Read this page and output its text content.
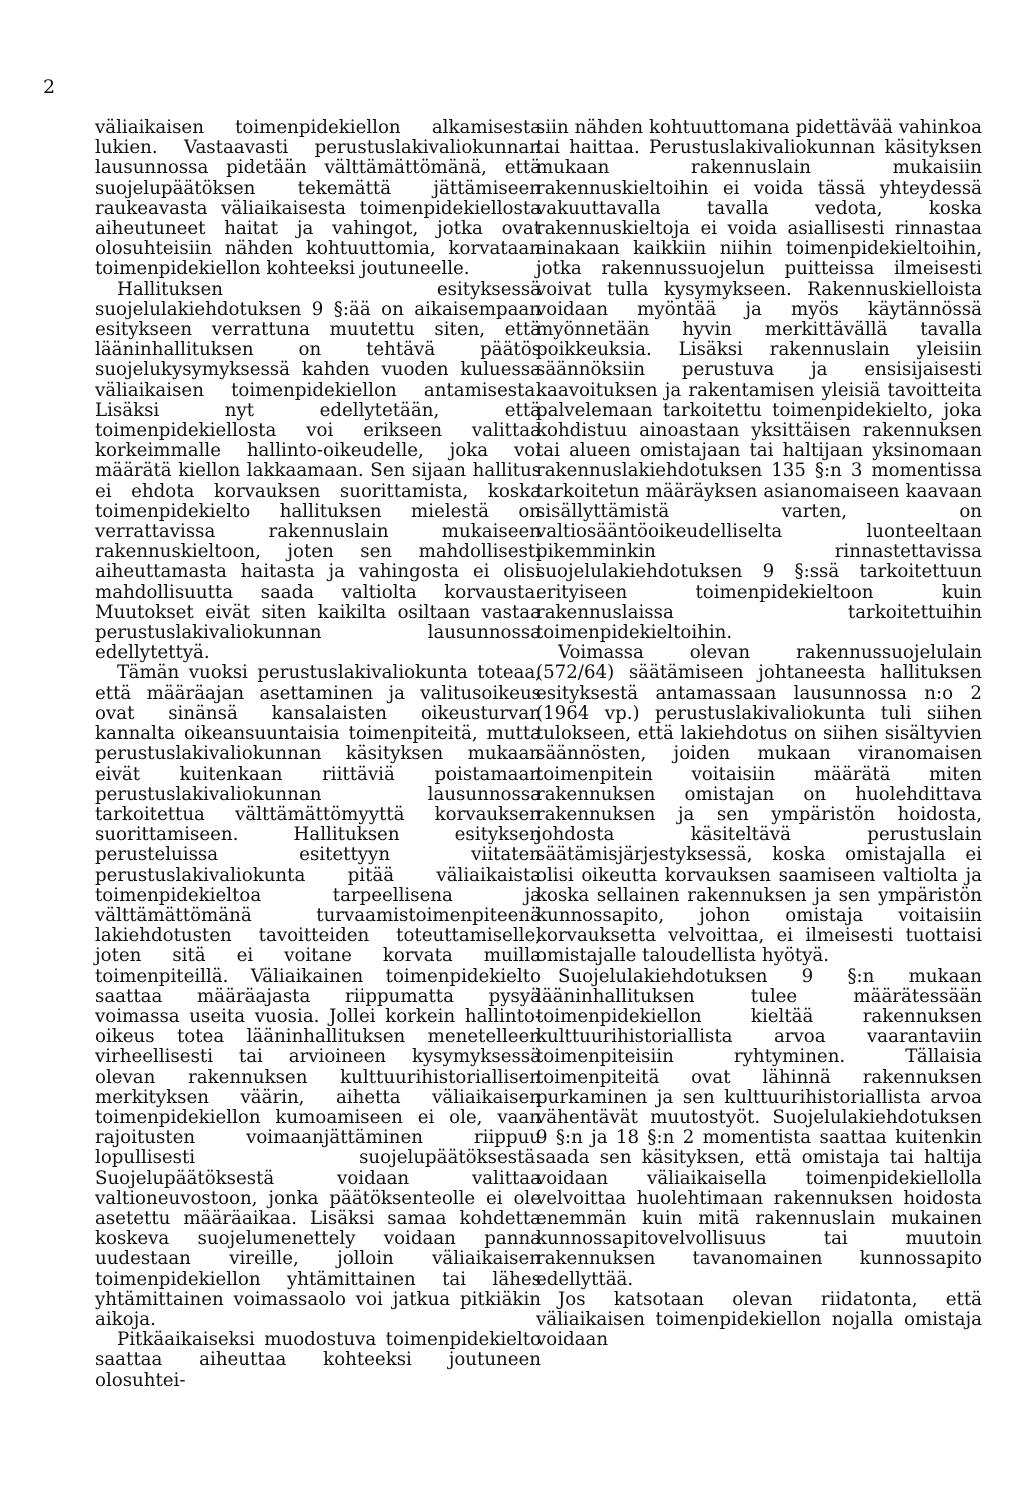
2

väliaikaisen toimenpidekiellon alkamisesta lukien. Vastaavasti perustuslakivaliokunnan lausunnossa pidetään välttämättömänä, että suojelupäätöksen tekemättä jättämiseen raukeavasta väliaikaisesta toimenpidekiellosta aiheutuneet haitat ja vahingot, jotka ovat olosuhteisiin nähden kohtuuttomia, korvataan toimenpidekiellon kohteeksi joutuneelle.

Hallituksen esityksessä suojelulakiehdotuksen 9 §:ää on aikaisempaan esitykseen verrattuna muutettu siten, että lääninhallituksen on tehtävä päätös suojelukysymyksessä kahden vuoden kuluessa väliaikaisen toimenpidekiellon antamisesta. Lisäksi nyt edellytetään, että toimenpidekiellosta voi erikseen valittaa korkeimmalle hallinto-oikeudelle, joka voi määrätä kiellon lakkaamaan. Sen sijaan hallitus ei ehdota korvauksen suorittamista, koska toimenpidekielto hallituksen mielestä on verrattavissa rakennuslain mukaiseen rakennuskieltoon, joten sen mahdollisesti aiheuttamasta haitasta ja vahingosta ei olisi mahdollisuutta saada valtiolta korvausta. Muutokset eivät siten kaikilta osiltaan vastaa perustuslakivaliokunnan lausunnossa edellytettyä.

Tämän vuoksi perustuslakivaliokunta toteaa, että määräajan asettaminen ja valitusoikeus ovat sinänsä kansalaisten oikeusturvan kannalta oikeansuuntaisia toimenpiteitä, mutta perustuslakivaliokunnan käsityksen mukaan eivät kuitenkaan riittäviä poistamaan perustuslakivaliokunnan lausunnossa tarkoitettua välttämättömyyttä korvauksen suorittamiseen. Hallituksen esityksen perusteluissa esitettyyn viitaten perustuslakivaliokunta pitää väliaikaista toimenpidekieltoa tarpeellisena ja välttämättömänä turvaamistoimenpiteenä lakiehdotusten tavoitteiden toteuttamiselle, joten sitä ei voitane korvata muilla toimenpiteillä. Väliaikainen toimenpidekielto saattaa määräajasta riippumatta pysyä voimassa useita vuosia. Jollei korkein hallinto-oikeus totea lääninhallituksen menetelleen virheellisesti tai arvioineen kysymyksessä olevan rakennuksen kulttuurihistoriallisen merkityksen väärin, aihetta väliaikaisen toimenpidekiellon kumoamiseen ei ole, vaan rajoitusten voimaanjättäminen riippuu lopullisesti suojelupäätöksestä. Suojelupäätöksestä voidaan valittaa valtioneuvostoon, jonka päätöksenteolle ei ole asetettu määräaikaa. Lisäksi samaa kohdetta koskeva suojelumenettely voidaan panna uudestaan vireille, jolloin väliaikaisen toimenpidekiellon yhtämittainen tai lähes yhtämittainen voimassaolo voi jatkua pitkiäkin aikoja.

Pitkäaikaiseksi muodostuva toimenpidekielto saattaa aiheuttaa kohteeksi joutuneen olosuhtei-

siin nähden kohtuuttomana pidettävää vahinkoa tai haittaa. Perustuslakivaliokunnan käsityksen mukaan rakennuslain mukaisiin rakennuskieltoihin ei voida tässä yhteydessä vakuuttavalla tavalla vedota, koska rakennuskieltoja ei voida asiallisesti rinnastaa ainakaan kaikkiin niihin toimenpidekieltoihin, jotka rakennussuojelun puitteissa ilmeisesti voivat tulla kysymykseen. Rakennuskielloista voidaan myöntää ja myös käytännössä myönnetään hyvin merkittävällä tavalla poikkeuksia. Lisäksi rakennuslain yleisiin säännöksiin perustuva ja ensisijaisesti kaavoituksen ja rakentamisen yleisiä tavoitteita palvelemaan tarkoitettu toimenpidekielto, joka kohdistuu ainoastaan yksittäisen rakennuksen tai alueen omistajaan tai haltijaan yksinomaan rakennuslakiehdotuksen 135 §:n 3 momentissa tarkoitetun määräyksen asianomaiseen kaavaan sisällyttämistä varten, on valtiosääntöoikeudelliselta luonteeltaan pikemminkin rinnastettavissa suojelulakiehdotuksen 9 §:ssä tarkoitettuun erityiseen toimenpidekieltoon kuin rakennuslaissa tarkoitettuihin toimenpidekieltoihin.

Voimassa olevan rakennussuojelulain (572/64) säätämiseen johtaneesta hallituksen esityksestä antamassaan lausunnossa n:o 2 (1964 vp.) perustuslakivaliokunta tuli siihen tulokseen, että lakiehdotus on siihen sisältyvien säännösten, joiden mukaan viranomaisen toimenpitein voitaisiin määrätä miten rakennuksen omistajan on huolehdittava rakennuksen ja sen ympäristön hoidosta, johdosta käsiteltävä perustuslain säätämisjärjestyksessä, koska omistajalla ei olisi oikeutta korvauksen saamiseen valtiolta ja koska sellainen rakennuksen ja sen ympäristön kunnossapito, johon omistaja voitaisiin korvauksetta velvoittaa, ei ilmeisesti tuottaisi omistajalle taloudellista hyötyä.

Suojelulakiehdotuksen 9 §:n mukaan lääninhallituksen tulee määrätessään toimenpidekiellon kieltää rakennuksen kulttuurihistoriallista arvoa vaarantaviin toimenpiteisiin ryhtyminen. Tällaisia toimenpiteitä ovat lähinnä rakennuksen purkaminen ja sen kulttuurihistoriallista arvoa vähentävät muutostyöt. Suojelulakiehdotuksen 9 §:n ja 18 §:n 2 momentista saattaa kuitenkin saada sen käsityksen, että omistaja tai haltija voidaan väliaikaisella toimenpidekiellolla velvoittaa huolehtimaan rakennuksen hoidosta enemmän kuin mitä rakennuslain mukainen kunnossapitovelvollisuus tai muutoin rakennuksen tavanomainen kunnossapito edellyttää.

Jos katsotaan olevan riidatonta, että väliaikaisen toimenpidekiellon nojalla omistaja voidaan
